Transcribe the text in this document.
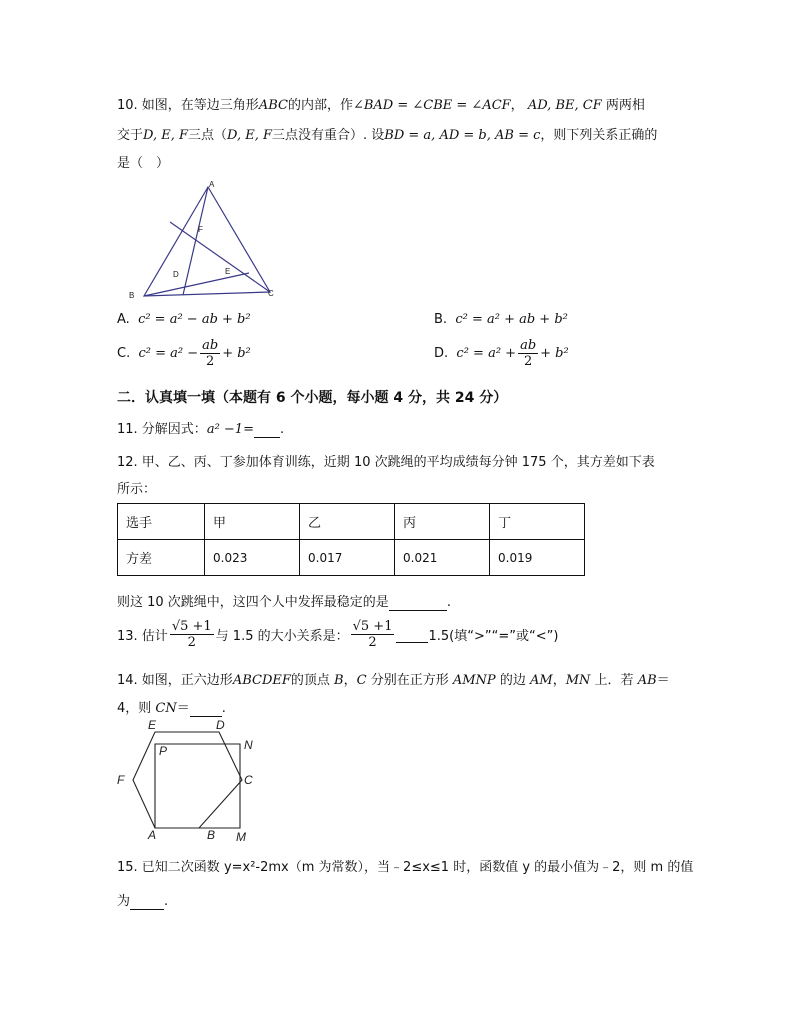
10. 如图，在等边三角形ABC的内部，作∠BAD = ∠CBE = ∠ACF， AD, BE, CF 两两相
交于D, E, F三点（D, E, F三点没有重合）. 设BD = a, AD = b, AB = c，则下列关系正确的
是（　）
A
B	C
D	E
F
A. c² = a² − ab + b²	B. c² = a² + ab + b²
C. $c^2 = a^2 - \frac{ab}{2} + b^2$	D. $c^2 = a^2 + \frac{ab}{2} + b^2$
二．认真填一填（本题有 6 个小题，每小题 4 分，共 24 分）
11. 分解因式：a² −1= .
12. 甲、乙、丙、丁参加体育训练，近期 10 次跳绳的平均成绩每分钟 175 个，其方差如下表
所示：
选手	甲	乙	丙	丁
方差	0.023	0.017	0.021	0.019
则这 10 次跳绳中，这四个人中发挥最稳定的是	.
13. 估计 $\frac{√5 +1}{2}$ 与 1.5 的大小关系是： $\frac{√5 +1}{2}$	1.5(填“>”“=”或“<”)
14. 如图，正六边形ABCDEF的顶点 B，C 分别在正方形 AMNP 的边 AM，MN 上．若 AB＝
4，则 CN＝ .
A	B M
C
N
D
E
P
F
15. 已知二次函数 y=x²-2mx（m 为常数），当﹣2≤x≤1 时，函数值 y 的最小值为﹣2，则 m 的值
为	.
